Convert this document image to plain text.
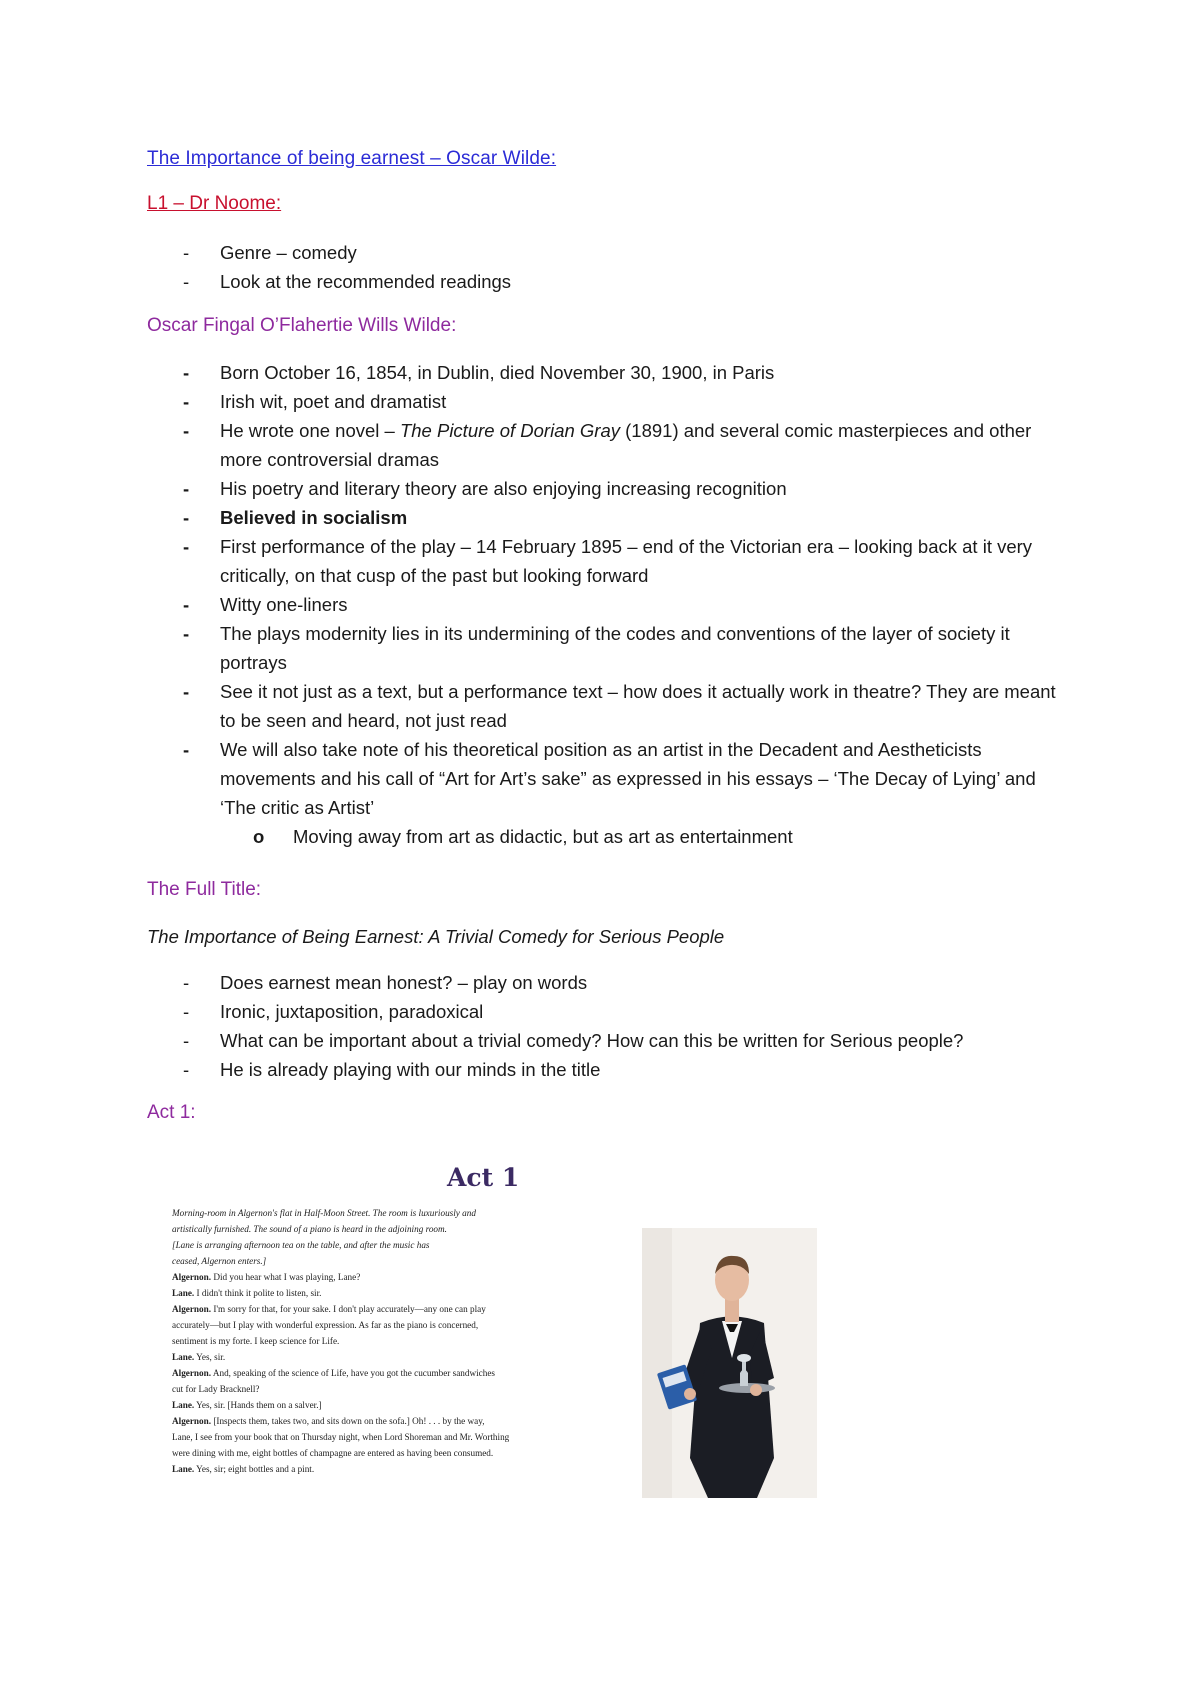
The Importance of being earnest – Oscar Wilde:
L1 – Dr Noome:
-	Genre – comedy
-	Look at the recommended readings
Oscar Fingal O’Flahertie Wills Wilde:
-	Born October 16, 1854, in Dublin, died November 30, 1900, in Paris
-	Irish wit, poet and dramatist
-	He wrote one novel – The Picture of Dorian Gray (1891) and several comic masterpieces and other more controversial dramas
-	His poetry and literary theory are also enjoying increasing recognition
-	Believed in socialism
-	First performance of the play – 14 February 1895 – end of the Victorian era – looking back at it very critically, on that cusp of the past but looking forward
-	Witty one-liners
-	The plays modernity lies in its undermining of the codes and conventions of the layer of society it portrays
-	See it not just as a text, but a performance text – how does it actually work in theatre? They are meant to be seen and heard, not just read
-	We will also take note of his theoretical position as an artist in the Decadent and Aestheticists movements and his call of “Art for Art’s sake” as expressed in his essays – ‘The Decay of Lying’ and ‘The critic as Artist’
o	Moving away from art as didactic, but as art as entertainment
The Full Title:
The Importance of Being Earnest: A Trivial Comedy for Serious People
-	Does earnest mean honest? – play on words
-	Ironic, juxtaposition, paradoxical
-	What can be important about a trivial comedy? How can this be written for Serious people?
-	He is already playing with our minds in the title
Act 1:
Act 1
Morning-room in Algernon's flat in Half-Moon Street. The room is luxuriously and
artistically furnished. The sound of a piano is heard in the adjoining room.
[Lane is arranging afternoon tea on the table, and after the music has
ceased, Algernon enters.]
Algernon. Did you hear what I was playing, Lane?
Lane. I didn't think it polite to listen, sir.
Algernon. I'm sorry for that, for your sake. I don't play accurately—any one can play
accurately—but I play with wonderful expression. As far as the piano is concerned,
sentiment is my forte. I keep science for Life.
Lane. Yes, sir.
Algernon. And, speaking of the science of Life, have you got the cucumber sandwiches
cut for Lady Bracknell?
Lane. Yes, sir. [Hands them on a salver.]
Algernon. [Inspects them, takes two, and sits down on the sofa.] Oh! . . . by the way,
Lane, I see from your book that on Thursday night, when Lord Shoreman and Mr. Worthing
were dining with me, eight bottles of champagne are entered as having been consumed.
Lane. Yes, sir; eight bottles and a pint.
